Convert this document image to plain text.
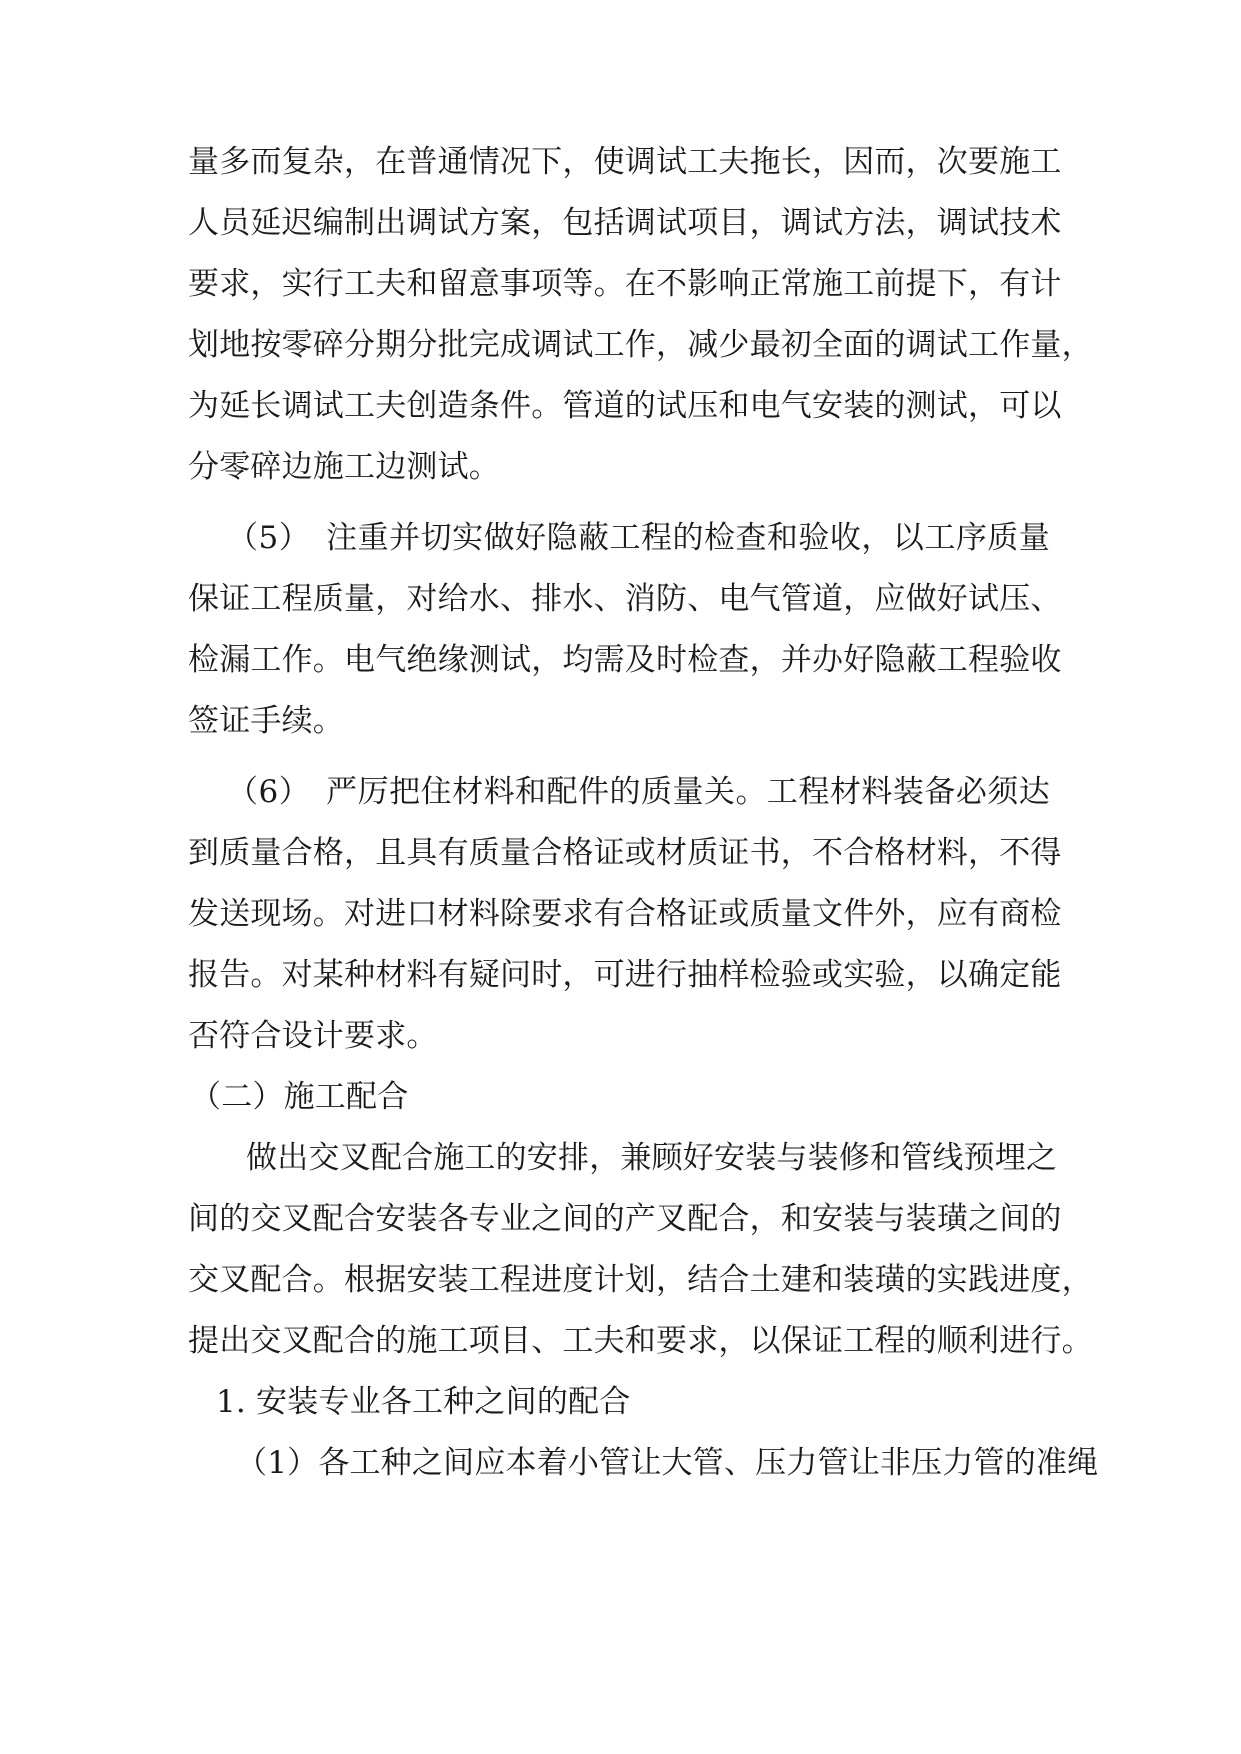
量多而复杂，在普通情况下，使调试工夫拖长，因而，次要施工
人员延迟编制出调试方案，包括调试项目，调试方法，调试技术
要求，实行工夫和留意事项等。在不影响正常施工前提下，有计
划地按零碎分期分批完成调试工作，减少最初全面的调试工作量，
为延长调试工夫创造条件。管道的试压和电气安装的测试，可以
分零碎边施工边测试。
（5）　注重并切实做好隐蔽工程的检查和验收，以工序质量
保证工程质量，对给水、排水、消防、电气管道，应做好试压、
检漏工作。电气绝缘测试，均需及时检查，并办好隐蔽工程验收
签证手续。
（6）　严厉把住材料和配件的质量关。工程材料装备必须达
到质量合格，且具有质量合格证或材质证书，不合格材料，不得
发送现场。对进口材料除要求有合格证或质量文件外，应有商检
报告。对某种材料有疑问时，可进行抽样检验或实验，以确定能
否符合设计要求。
（二）施工配合
做出交叉配合施工的安排，兼顾好安装与装修和管线预埋之
间的交叉配合安装各专业之间的产叉配合，和安装与装璜之间的
交叉配合。根据安装工程进度计划，结合土建和装璜的实践进度，
提出交叉配合的施工项目、工夫和要求，以保证工程的顺利进行。
1. 安装专业各工种之间的配合
（1）各工种之间应本着小管让大管、压力管让非压力管的准绳
